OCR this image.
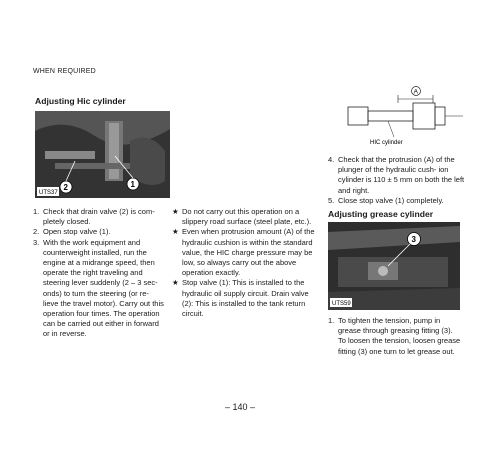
WHEN REQUIRED
Adjusting Hic cylinder
UTS37
2	1
1. Check that drain valve (2) is com- pletely closed.
2. Open stop valve (1).
3. With the work equipment and counterweight installed, run the engine at a midrange speed, then operate the right traveling and steering lever suddenly (2 – 3 sec- onds) to turn the steering (or re- lieve the travel motor). Carry out this operation four times. The operation can be carried out either in forward or in reverse.
★ Do not carry out this operation on a slippery road surface (steel plate, etc.).
★ Even when protrusion amount (A) of the hydraulic cushion is within the standard value, the HIC charge pressure may be low, so always carry out the above operation exactly.
★ Stop valve (1): This is installed to the hydraulic oil supply circuit. Drain valve (2): This is installed to the tank return circuit.
A
HIC cylinder
4. Check that the protrusion (A) of the plunger of the hydraulic cush- ion cylinder is 110 ± 5 mm on both the left and right.
5. Close stop valve (1) completely.
Adjusting grease cylinder
UTS59
3
1. To tighten the tension, pump in grease through greasing fitting (3). To loosen the tension, loosen grease fitting (3) one turn to let grease out.
– 140 –
